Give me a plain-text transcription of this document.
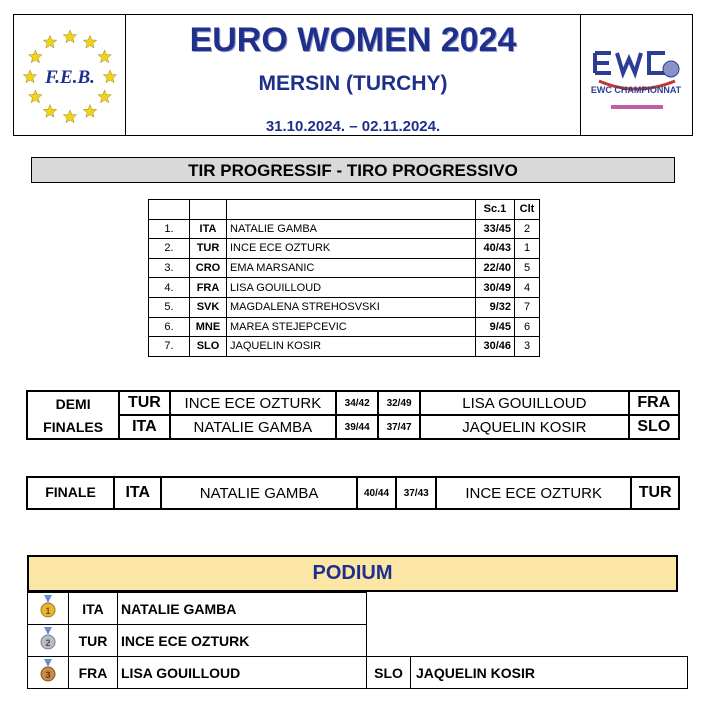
F.E.B.
EURO WOMEN 2024
MERSIN (TURCHY)
31.10.2024. – 02.11.2024.
EWC CHAMPIONNAT
TIR PROGRESSIF - TIRO PROGRESSIVO
			Sc.1	Clt
1.	ITA	NATALIE GAMBA	33/45	2
2.	TUR	INCE ECE OZTURK	40/43	1
3.	CRO	EMA MARSANIC	22/40	5
4.	FRA	LISA GOUILLOUD	30/49	4
5.	SVK	MAGDALENA STREHOSVSKI	9/32	7
6.	MNE	MAREA STEJEPCEVIC	9/45	6
7.	SLO	JAQUELIN KOSIR	30/46	3
DEMI	TUR	INCE ECE OZTURK	34/42	32/49	LISA GOUILLOUD	FRA
FINALES	ITA	NATALIE GAMBA	39/44	37/47	JAQUELIN KOSIR	SLO
FINALE	ITA	NATALIE GAMBA	40/44	37/43	INCE ECE OZTURK	TUR
PODIUM
1	ITA	NATALIE GAMBA		

2	TUR	INCE ECE OZTURK		

3	FRA	LISA GOUILLOUD	SLO	JAQUELIN KOSIR
